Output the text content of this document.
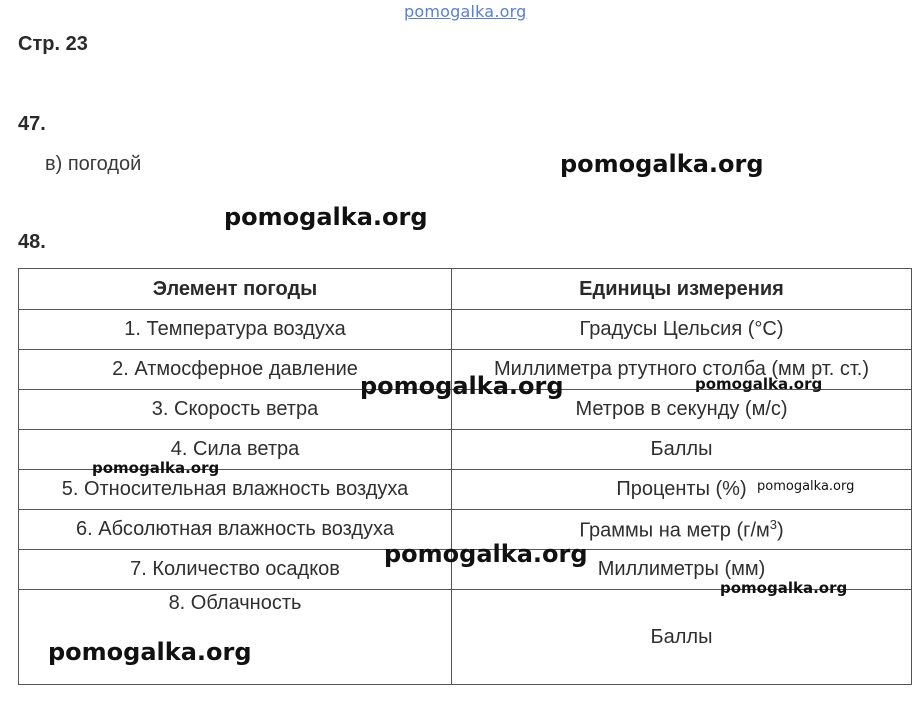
pomogalka.org
Стр. 23
47.
в) погодой
48.
Элемент погоды	Единицы измерения
1. Температура воздуха	Градусы Цельсия (°С)
2. Атмосферное давление	Миллиметра ртутного столба (мм рт. ст.)
3. Скорость ветра	Метров в секунду (м/с)
4. Сила ветра	Баллы
5. Относительная влажность воздуха	Проценты (%)
6. Абсолютная влажность воздуха	Граммы на метр $(г/м^3)$
7. Количество осадков	Миллиметры (мм)
8. Облачность	Баллы
pomogalka.org
pomogalka.org
pomogalka.org	pomogalka.org
pomogalka.org
pomogalka.org
pomogalka.org
pomogalka.org
pomogalka.org
